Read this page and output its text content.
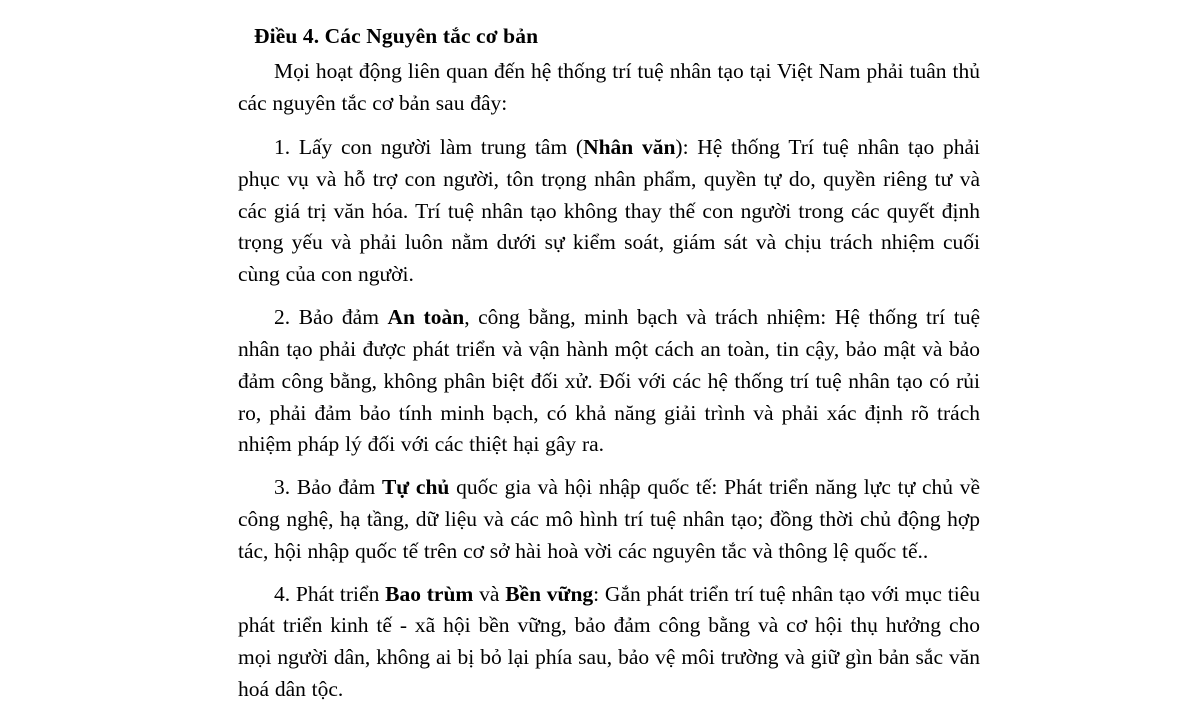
Điều 4. Các Nguyên tắc cơ bản

Mọi hoạt động liên quan đến hệ thống trí tuệ nhân tạo tại Việt Nam phải tuân thủ các nguyên tắc cơ bản sau đây:

1. Lấy con người làm trung tâm (Nhân văn): Hệ thống Trí tuệ nhân tạo phải phục vụ và hỗ trợ con người, tôn trọng nhân phẩm, quyền tự do, quyền riêng tư và các giá trị văn hóa. Trí tuệ nhân tạo không thay thế con người trong các quyết định trọng yếu và phải luôn nằm dưới sự kiểm soát, giám sát và chịu trách nhiệm cuối cùng của con người.

2. Bảo đảm An toàn, công bằng, minh bạch và trách nhiệm: Hệ thống trí tuệ nhân tạo phải được phát triển và vận hành một cách an toàn, tin cậy, bảo mật và bảo đảm công bằng, không phân biệt đối xử. Đối với các hệ thống trí tuệ nhân tạo có rủi ro, phải đảm bảo tính minh bạch, có khả năng giải trình và phải xác định rõ trách nhiệm pháp lý đối với các thiệt hại gây ra.

3. Bảo đảm Tự chủ quốc gia và hội nhập quốc tế: Phát triển năng lực tự chủ về công nghệ, hạ tầng, dữ liệu và các mô hình trí tuệ nhân tạo; đồng thời chủ động hợp tác, hội nhập quốc tế trên cơ sở hài hoà vời các nguyên tắc và thông lệ quốc tế..

4. Phát triển Bao trùm và Bền vững: Gắn phát triển trí tuệ nhân tạo với mục tiêu phát triển kinh tế - xã hội bền vững, bảo đảm công bằng và cơ hội thụ hưởng cho mọi người dân, không ai bị bỏ lại phía sau, bảo vệ môi trường và giữ gìn bản sắc văn hoá dân tộc.
